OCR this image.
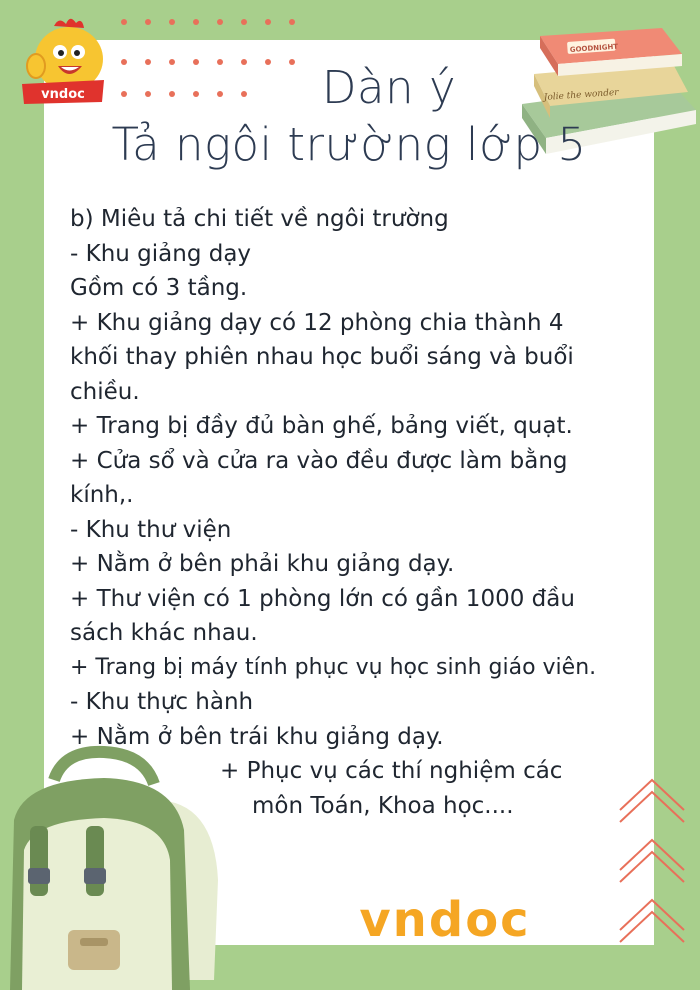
vndoc	Jolie the wonder
GOODNIGHT
Dàn ý
Tả ngôi trường lớp 5
b) Miêu tả chi tiết về ngôi trường
- Khu giảng dạy
Gồm có 3 tầng.
+ Khu giảng dạy có 12 phòng chia thành 4
khối thay phiên nhau học buổi sáng và buổi
chiều.
+ Trang bị đầy đủ bàn ghế, bảng viết, quạt.
+ Cửa sổ và cửa ra vào đều được làm bằng
kính,.
- Khu thư viện
+ Nằm ở bên phải khu giảng dạy.
+ Thư viện có 1 phòng lớn có gần 1000 đầu
sách khác nhau.
+ Trang bị máy tính phục vụ học sinh giáo viên.
- Khu thực hành
+ Nằm ở bên trái khu giảng dạy.
+ Phục vụ các thí nghiệm các
môn Toán, Khoa học....
vndoc
